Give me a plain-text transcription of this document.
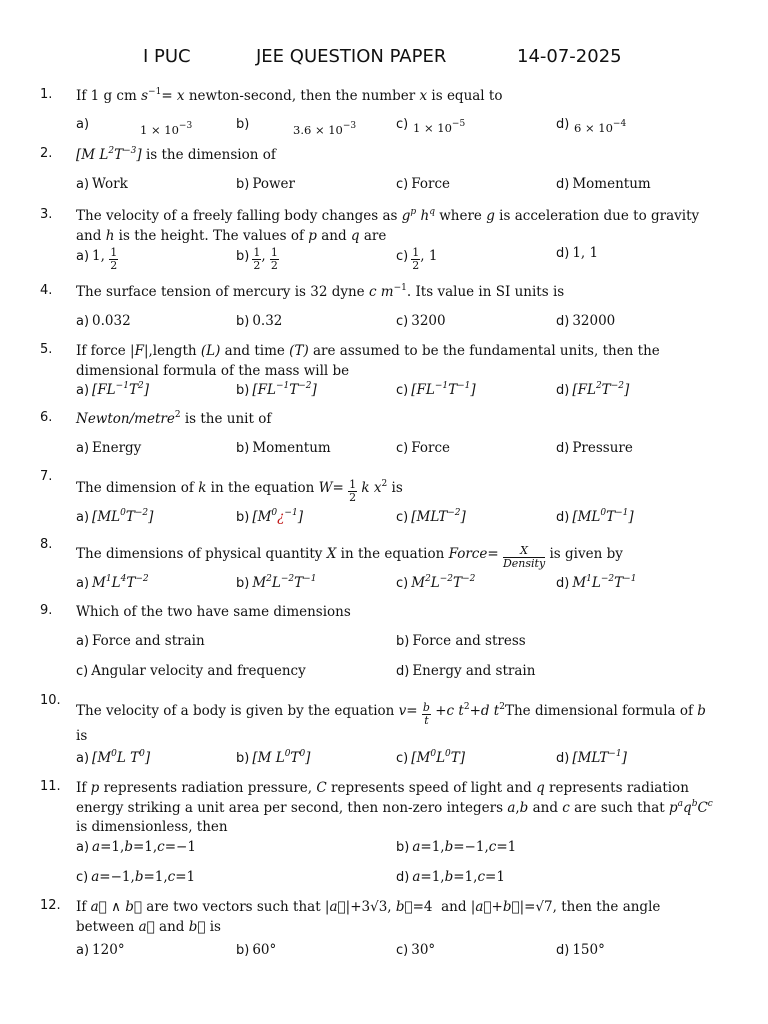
I PUC	JEE QUESTION PAPER	14-07-2025
1. If 1 g cm $s^{-1}= x$ newton-second, then the number x is equal to
a)	$1 \times 10^{-3}$	b)	$3.6 \times 10^{-3}$	c) $1 \times 10^{-5}$	d) $6 \times 10^{-4}$
2. [M $L^2T^{-3}$] is the dimension of
a) Work	b) Power	c) Force	d) Momentum
3. The velocity of a freely falling body changes as $g^p$ $h^q$ where g is acceleration due to gravity and h is the height. The values of p and q are
a) 1, $\frac{1}{2}$	$b) \frac{1}{2}$ , $\frac{1}{2}$	$c) \frac{1}{2}$ , 1	d) 1, 1
4. The surface tension of mercury is 32 dyne c $m^{-1}$. Its value in SI units is
a) 0.032	b) 0.32	c) 3200	d) 32000
5. If force |F|,length (L) and time (T) are assumed to be the fundamental units, then the dimensional formula of the mass will be
a) $[FL^{-1}T^2]$	b) $[FL^{-1}T^{-2}]$	c) $[FL^{-1}T^{-1}]$	d) $[FL^2T^{-2}]$
6. Newton/metre$^2$ is the unit of
a) Energy	b) Momentum	c) Force	d) Pressure
7.
The dimension of k in the equation $W= \frac{1}{2}$ k $x^2$ is
a) $[ML^0T^{-2}]$	b) $[M^0¿^{-1}]$	c) $[MLT^{-2}]$	d) $[ML^0T^{-1}]$
8.
The dimensions of physical quantity X in the equation Force= $\frac{X}{\text{Density}}$ is given by
a) $M^1L^4T^{-2}$	b) $M^2L^{-2}T^{-1}$	c) $M^2L^{-2}T^{-2}$	d) $M^1L^{-2}T^{-1}$
9. Which of the two have same dimensions
a) Force and strain	b) Force and stress
c) Angular velocity and frequency	d) Energy and strain
10.
The velocity of a body is given by the equation $v= \frac{b}{t} +c$ $t^2+d$ $t^2The$ dimensional formula of b is
a) [$M^0L$ $T^0$]	b) [M $L^0T^0$]	c) $[M^0L^0T]$	d) $[MLT^{-1}]$
11. If p represents radiation pressure, C represents speed of light and q represents radiation energy striking a unit area per second, then non-zero integers a,b and c are such that $p^aq^bC^c$ is dimensionless, then
a) a=1,b=1,c=−1	b) a=1,b=−1,c=1
c) a=−1,b=1,c=1	d) a=1,b=1,c=1
12. If a⃗ ∧ b⃗ are two vectors such that |a⃗|+3√3, b⃗=4  and |a⃗+b⃗|=√7, then the angle between a⃗ and b⃗ is
a) 120°	b) 60°	c) 30°	d) 150°
